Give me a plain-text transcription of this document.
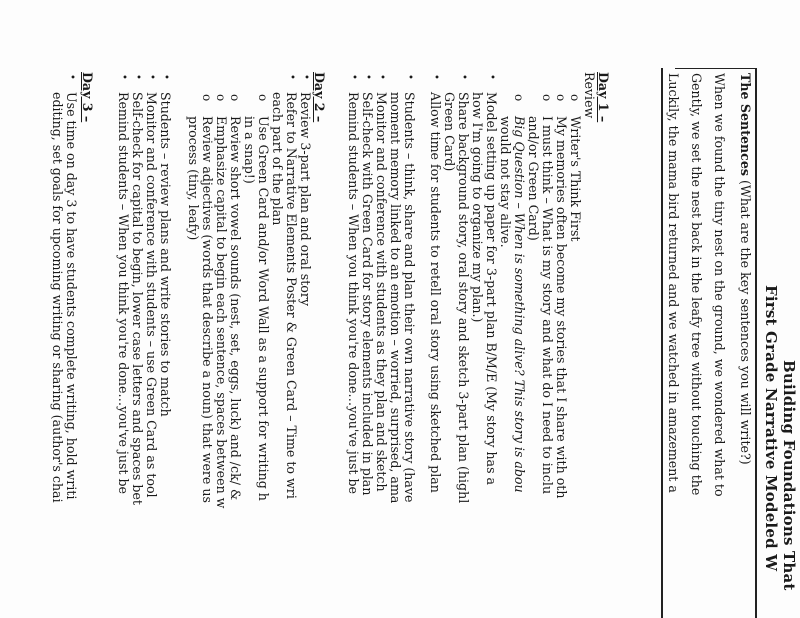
Building Foundations That
First Grade Narrative Modeled W
The Sentences (What are the key sentences you will write?)
When we found the tiny nest on the ground, we wondered what to
Gently, we set the nest back in the leafy tree without touching the
Luckily, the mama bird returned and we watched in amazement a
Day 1 –
Review
o
Writer's Think First
o
My memories often become my stories that I share with oth
o
I must think – What is my story and what do I need to inclu
and/or Green Card)
o
Big Question – When is something alive? This story is abou
would not stay alive.
•
Model setting up paper for 3-part plan B/M/E (My story has a
how I'm going to organize my plan.)
•
Share background story, oral story and sketch 3-part plan (highl
Green Card)
•
Allow time for students to retell oral story using sketched plan
•
Students – think, share and plan their own narrative story (have
moment memory linked to an emotion – worried, surprised, ama
•
Monitor and conference with students as they plan and sketch
•
Self-check with Green Card for story elements included in plan
•
Remind students – When you think you're done…you've just be
Day 2 –
•
Review 3-part plan and oral story
•
Refer to Narrative Elements Poster & Green Card – Time to wri
each part of the plan
o
Use Green Card and/or Word Wall as a support for writing h
in a snap!)
o
Review short vowel sounds (nest, set, eggs, luck) and /ck/ &
o
Emphasize capital to begin each sentence, spaces between w
o
Review adjectives (words that describe a noun) that were us
process (tiny, leafy)
•
Students – review plans and write stories to match
•
Monitor and conference with students – use Green Card as tool
•
Self-check for capital to begin, lower case letters and spaces bet
•
Remind students – When you think you're done…you've just be
Day 3 –
•
Use time on day 3 to have students complete writing, hold writi
editing, set goals for upcoming writing or sharing (author's chai
